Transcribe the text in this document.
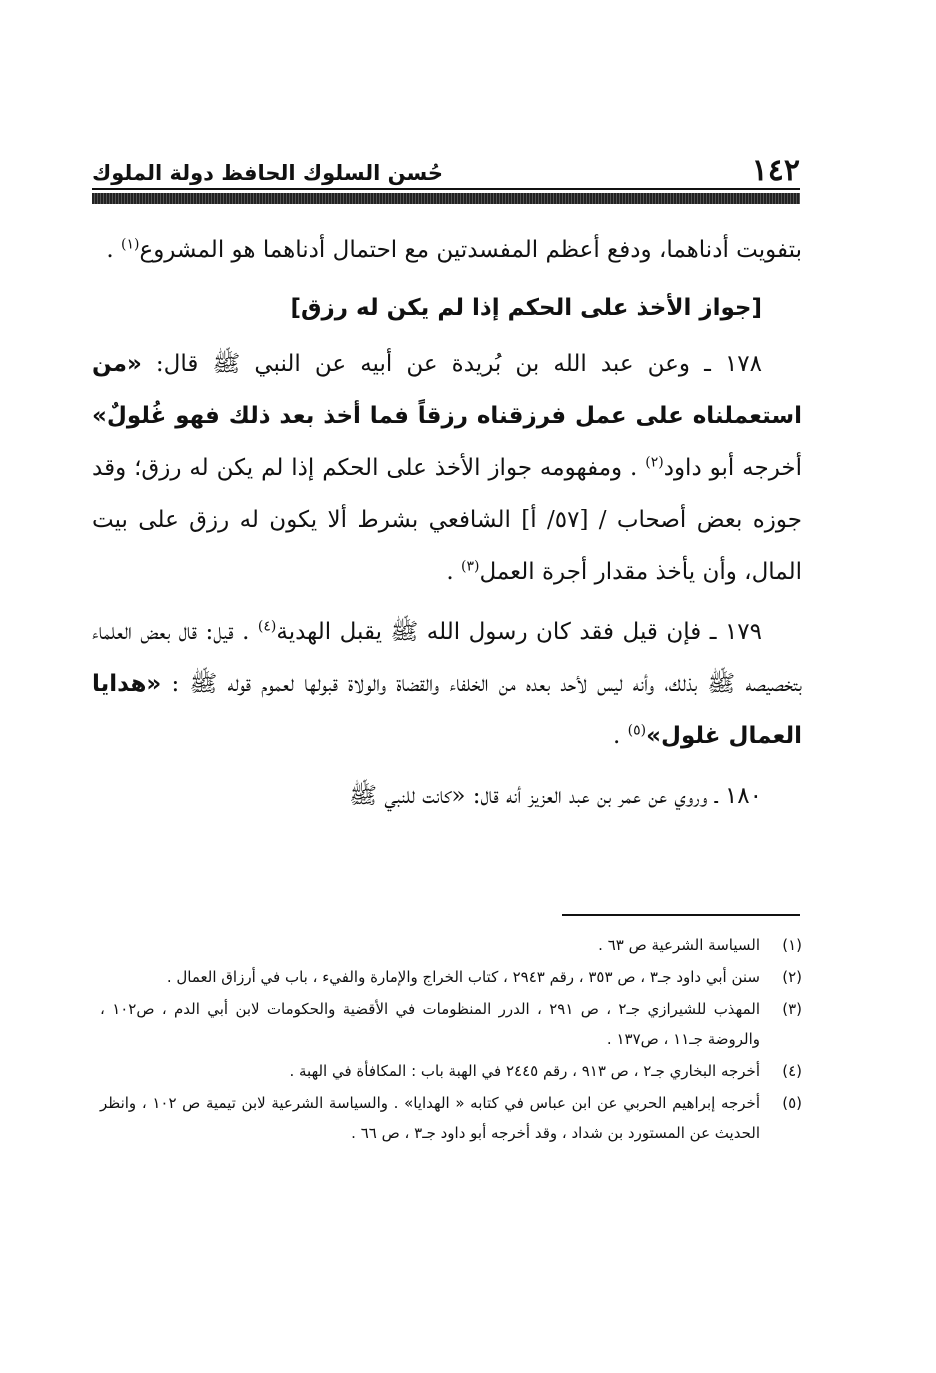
١٤٢
حُسن السلوك الحافظ دولة الملوك

بتفويت أدناهما، ودفع أعظم المفسدتين مع احتمال أدناهما هو المشروع$^{(١)}$ .

[جواز الأخذ على الحكم إذا لم يكن له رزق]

١٧٨ ـ وعن عبد الله بن بُريدة عن أبيه عن النبي ﷺ قال: «من استعملناه على عمل فرزقناه رزقاً فما أخذ بعد ذلك فهو غُلولٌ» أخرجه أبو داود$^{(٢)}$ . ومفهومه جواز الأخذ على الحكم إذا لم يكن له رزق؛ وقد جوزه بعض أصحاب / [٥٧/ أ] الشافعي بشرط ألا يكون له رزق على بيت المال، وأن يأخذ مقدار أجرة العمل$^{(٣)}$ .

١٧٩ ـ فإن قيل فقد كان رسول الله ﷺ يقبل الهدية$^{(٤)}$ . قيل: قال بعض العلماء بتخصيصه ﷺ بذلك، وأنه ليس لأحد بعده من الخلفاء والقضاة والولاة قبولها لعموم قوله ﷺ : «هدايا العمال غلول»$^{(٥)}$ .

١٨٠ ـ وروي عن عمر بن عبد العزيز أنه قال: «كانت للنبي ﷺ

(١)
السياسة الشرعية ص ٦٣ .
(٢)
سنن أبي داود جـ٣ ، ص ٣٥٣ ، رقم ٢٩٤٣ ، كتاب الخراج والإمارة والفيء ، باب في أرزاق العمال .
(٣)
المهذب للشيرازي جـ٢ ، ص ٢٩١ ، الدرر المنظومات في الأقضية والحكومات لابن أبي الدم ، ص١٠٢ ، والروضة جـ١١ ، ص١٣٧ .
(٤)
أخرجه البخاري جـ٢ ، ص ٩١٣ ، رقم ٢٤٤٥ في الهبة باب : المكافأة في الهبة .
(٥)
أخرجه إبراهيم الحربي عن ابن عباس في كتابه « الهدايا» . والسياسة الشرعية لابن تيمية ص ١٠٢ ، وانظر الحديث عن المستورد بن شداد ، وقد أخرجه أبو داود جـ٣ ، ص ٦٦ .
